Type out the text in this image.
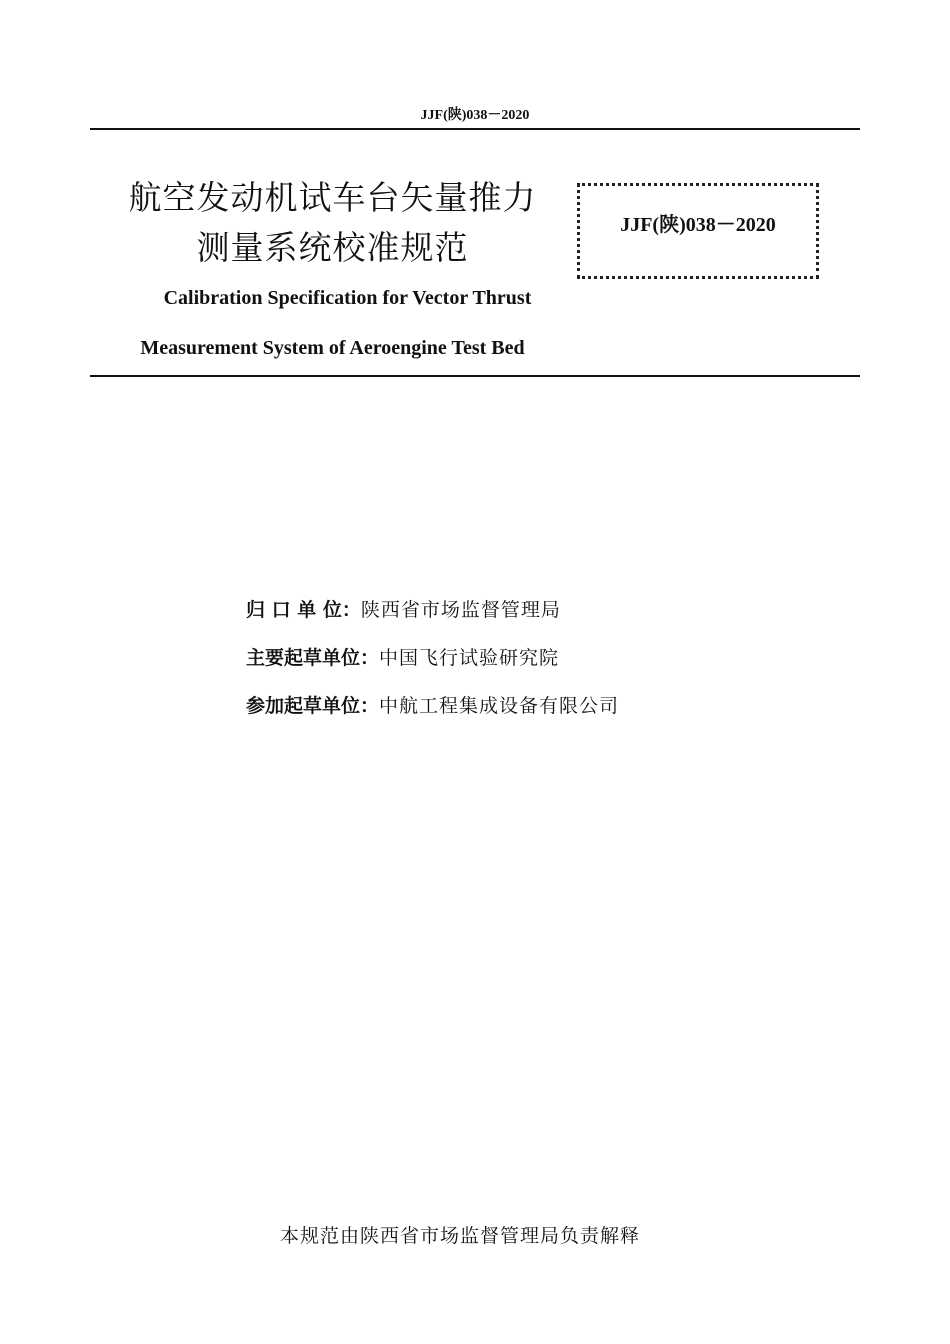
JJF(陕)038－2020
航空发动机试车台矢量推力
测量系统校准规范
Calibration Specification for Vector Thrust
Measurement System of Aeroengine Test Bed
JJF(陕)038－2020
归 口 单 位： 陕西省市场监督管理局
主要起草单位： 中国飞行试验研究院
参加起草单位： 中航工程集成设备有限公司
本规范由陕西省市场监督管理局负责解释
